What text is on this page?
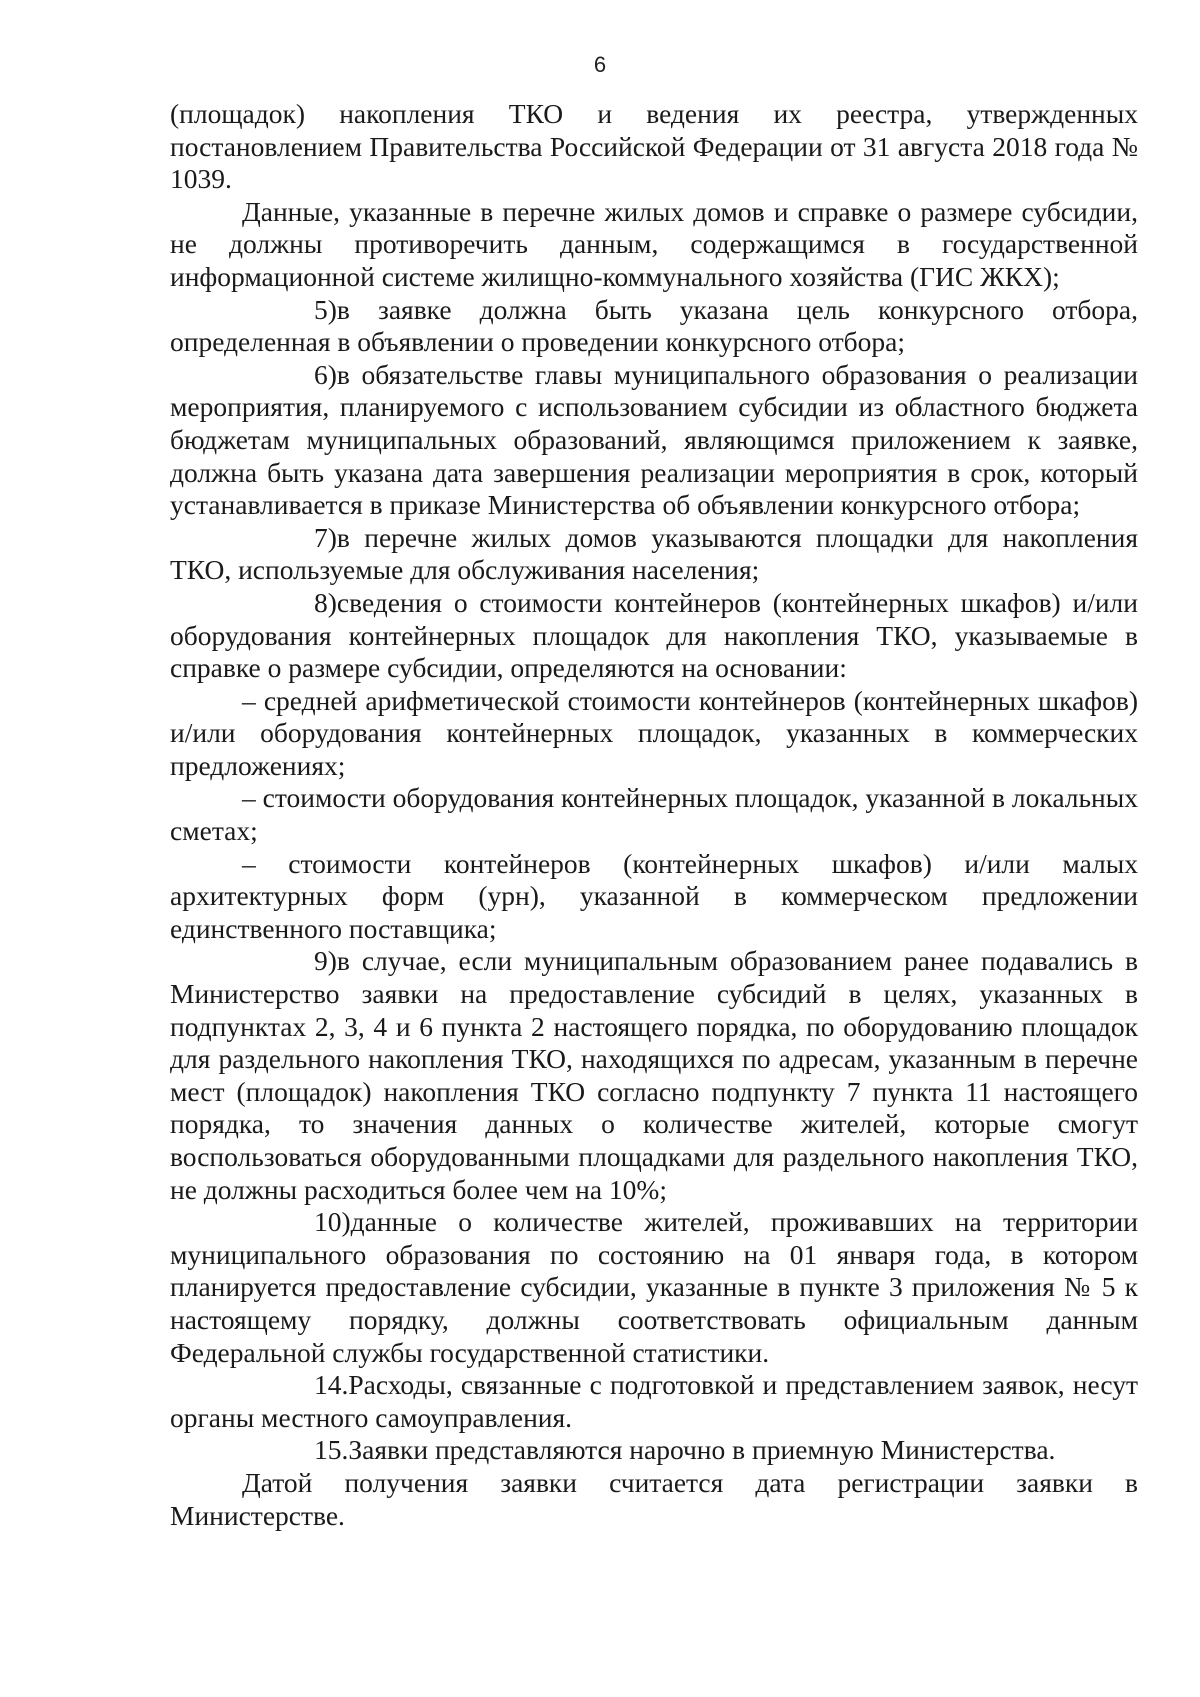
6

(площадок) накопления ТКО и ведения их реестра, утвержденных постановлением Правительства Российской Федерации от 31 августа 2018 года № 1039.

Данные, указанные в перечне жилых домов и справке о размере субсидии, не должны противоречить данным, содержащимся в государственной информационной системе жилищно-коммунального хозяйства (ГИС ЖКХ);

5)в заявке должна быть указана цель конкурсного отбора, определенная в объявлении о проведении конкурсного отбора;

6)в обязательстве главы муниципального образования о реализации мероприятия, планируемого с использованием субсидии из областного бюджета бюджетам муниципальных образований, являющимся приложением к заявке, должна быть указана дата завершения реализации мероприятия в срок, который устанавливается в приказе Министерства об объявлении конкурсного отбора;

7)в перечне жилых домов указываются площадки для накопления ТКО, используемые для обслуживания населения;

8)сведения о стоимости контейнеров (контейнерных шкафов) и/или оборудования контейнерных площадок для накопления ТКО, указываемые в справке о размере субсидии, определяются на основании:

– средней арифметической стоимости контейнеров (контейнерных шкафов) и/или оборудования контейнерных площадок, указанных в коммерческих предложениях;

– стоимости оборудования контейнерных площадок, указанной в локальных сметах;

– стоимости контейнеров (контейнерных шкафов) и/или малых архитектурных форм (урн), указанной в коммерческом предложении единственного поставщика;

9)в случае, если муниципальным образованием ранее подавались в Министерство заявки на предоставление субсидий в целях, указанных в подпунктах 2, 3, 4 и 6 пункта 2 настоящего порядка, по оборудованию площадок для раздельного накопления ТКО, находящихся по адресам, указанным в перечне мест (площадок) накопления ТКО согласно подпункту 7 пункта 11 настоящего порядка, то значения данных о количестве жителей, которые смогут воспользоваться оборудованными площадками для раздельного накопления ТКО, не должны расходиться более чем на 10%;

10)данные о количестве жителей, проживавших на территории муниципального образования по состоянию на 01 января года, в котором планируется предоставление субсидии, указанные в пункте 3 приложения № 5 к настоящему порядку, должны соответствовать официальным данным Федеральной службы государственной статистики.

14.Расходы, связанные с подготовкой и представлением заявок, несут органы местного самоуправления.

15.Заявки представляются нарочно в приемную Министерства.

Датой получения заявки считается дата регистрации заявки в Министерстве.
